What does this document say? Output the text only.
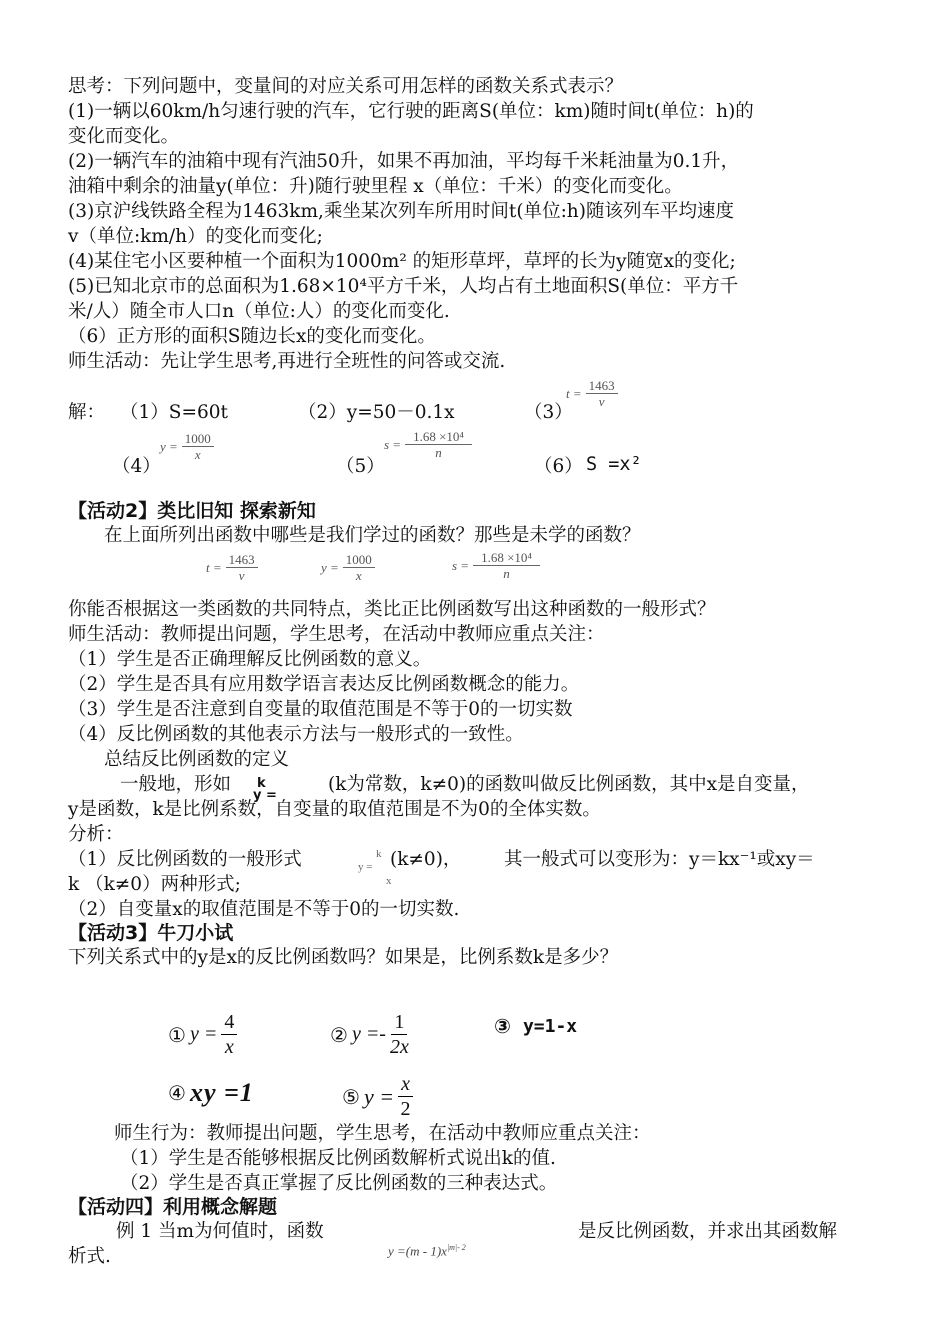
思考：下列问题中，变量间的对应关系可用怎样的函数关系式表示？
(1)一辆以60km/h匀速行驶的汽车，它行驶的距离S(单位：km)随时间t(单位：h)的
变化而变化。
(2)一辆汽车的油箱中现有汽油50升，如果不再加油，平均每千米耗油量为0.1升，
油箱中剩余的油量y(单位：升)随行驶里程 x（单位：千米）的变化而变化。
(3)京沪线铁路全程为1463km,乘坐某次列车所用时间t(单位:h)随该列车平均速度
v（单位:km/h）的变化而变化;
(4)某住宅小区要种植一个面积为1000m² 的矩形草坪，草坪的长为y随宽x的变化;
(5)已知北京市的总面积为1.68×10⁴平方千米，人均占有土地面积S(单位：平方千
米/人）随全市人口n（单位:人）的变化而变化.
（6）正方形的面积S随边长x的变化而变化。
师生活动：先让学生思考,再进行全班性的问答或交流.
解： （1）S=60t	（2）y=50－0.1x	（3）
$t = \frac{1463}{v}$
（4）
$y = \frac{1000}{x}$
（5）
$s = \frac{\text{1.68 ×10⁴}}{n}$
（6） S =x²
【活动2】类比旧知 探索新知
在上面所列出函数中哪些是我们学过的函数？那些是未学的函数？
$t = \frac{1463}{v}$	$y = \frac{1000}{x}$	$s = \frac{\text{1.68 ×10⁴}}{n}$
你能否根据这一类函数的共同特点，类比正比例函数写出这种函数的一般形式？
师生活动：教师提出问题，学生思考，在活动中教师应重点关注：
（1）学生是否正确理解反比例函数的意义。
（2）学生是否具有应用数学语言表达反比例函数概念的能力。
（3）学生是否注意到自变量的取值范围是不等于0的一切实数
（4）反比例函数的其他表示方法与一般形式的一致性。
总结反比例函数的定义
一般地，形如 k
y =
(k为常数，k≠0)的函数叫做反比例函数，其中x是自变量，
y是函数，k是比例系数，自变量的取值范围是不为0的全体实数。
分析：
（1）反比例函数的一般形式	k
y =
x
(k≠0)， 其一般式可以变形为：y＝kx⁻¹或xy＝
k （k≠0）两种形式;
（2）自变量x的取值范围是不等于0的一切实数.
【活动3】牛刀小试
下列关系式中的y是x的反比例函数吗？如果是，比例系数k是多少？
① $y = \frac{4}{x}$	② $y =- \frac{1}{2x}$	③ y=1-x
④ xy =1	⑤ $y = \frac{x}{2}$
师生行为：教师提出问题，学生思考，在活动中教师应重点关注：
（1）学生是否能够根据反比例函数解析式说出k的值.
（2）学生是否真正掌握了反比例函数的三种表达式。
【活动四】利用概念解题
例 1 当m为何值时，函数
$y =(m - 1)x^{|m|- 2}$
是反比例函数，并求出其函数解
析式.
